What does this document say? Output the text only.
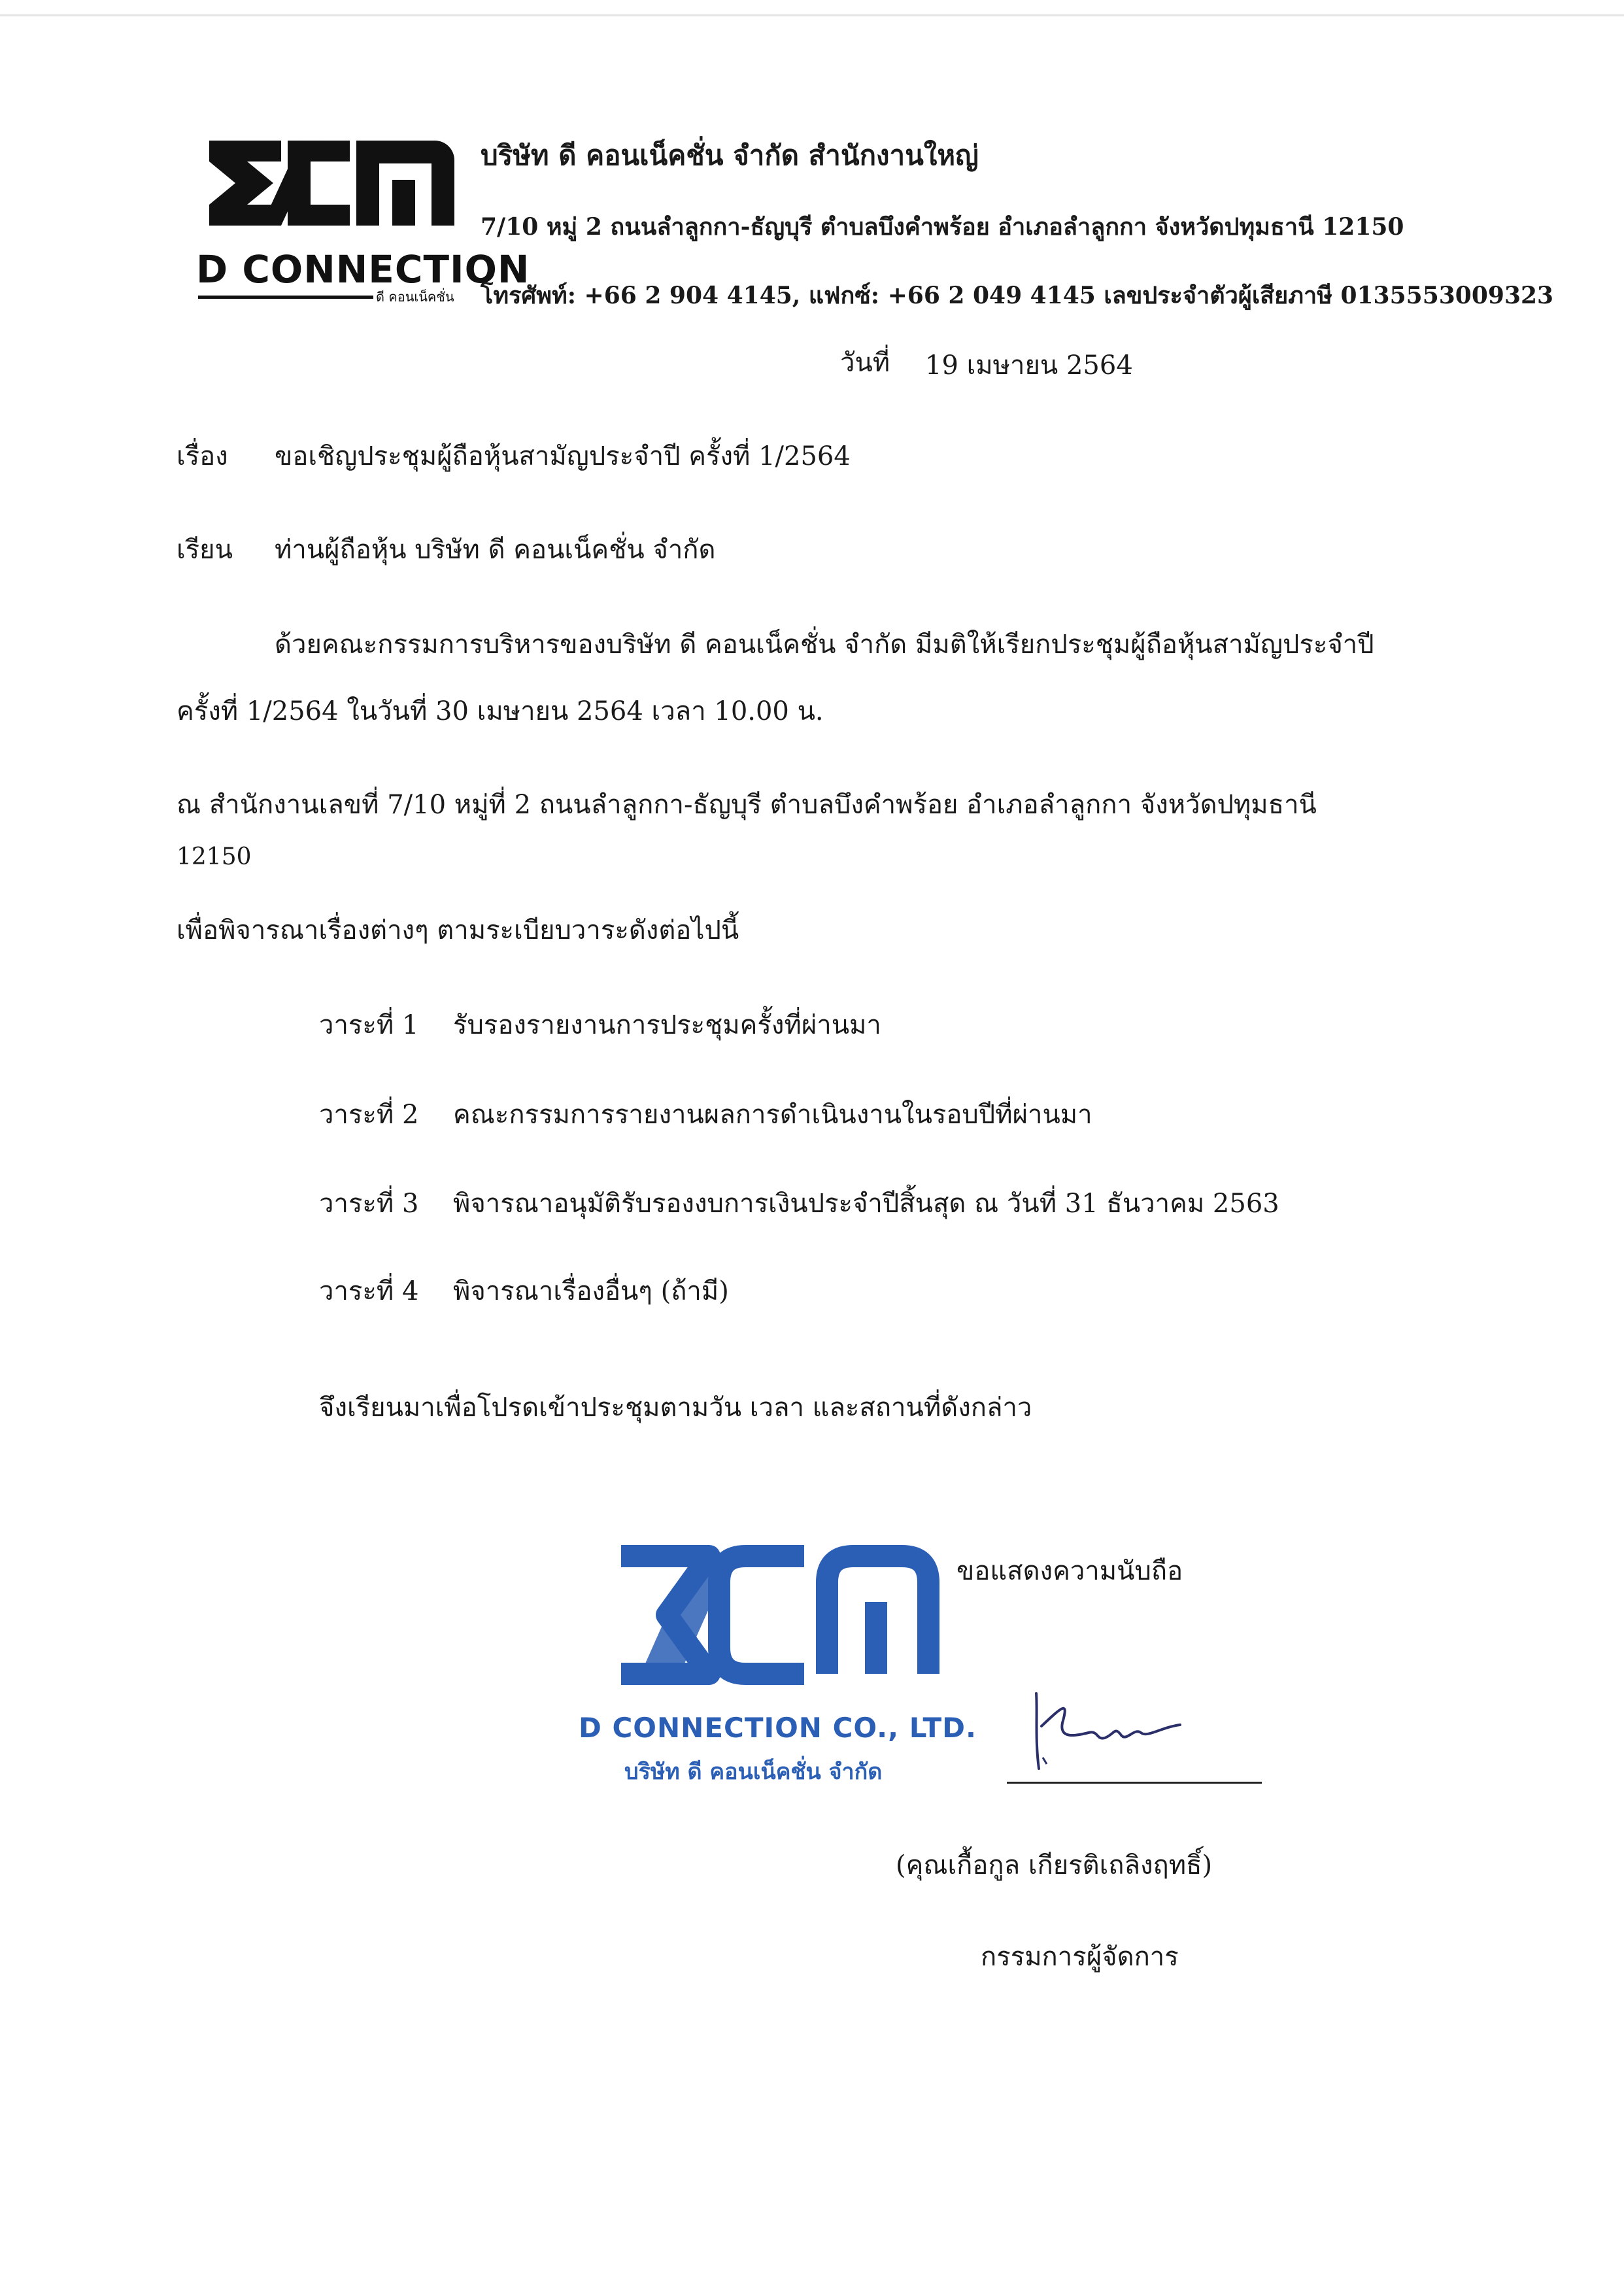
D CONNECTION
ดี คอนเน็คชั่น
บริษัท ดี คอนเน็คชั่น จำกัด สำนักงานใหญ่
7/10 หมู่ 2 ถนนลำลูกกา-ธัญบุรี ตำบลบึงคำพร้อย อำเภอลำลูกกา จังหวัดปทุมธานี 12150
โทรศัพท์: +66 2 904 4145, แฟกซ์: +66 2 049 4145 เลขประจำตัวผู้เสียภาษี 0135553009323
วันที่ 19 เมษายน 2564
เรื่อง ขอเชิญประชุมผู้ถือหุ้นสามัญประจำปี ครั้งที่ 1/2564
เรียน ท่านผู้ถือหุ้น บริษัท ดี คอนเน็คชั่น จำกัด
ด้วยคณะกรรมการบริหารของบริษัท ดี คอนเน็คชั่น จำกัด มีมติให้เรียกประชุมผู้ถือหุ้นสามัญประจำปี
ครั้งที่ 1/2564 ในวันที่ 30 เมษายน 2564 เวลา 10.00 น.
ณ สำนักงานเลขที่ 7/10 หมู่ที่ 2 ถนนลำลูกกา-ธัญบุรี ตำบลบึงคำพร้อย อำเภอลำลูกกา จังหวัดปทุมธานี
12150
เพื่อพิจารณาเรื่องต่างๆ ตามระเบียบวาระดังต่อไปนี้
วาระที่ 1 รับรองรายงานการประชุมครั้งที่ผ่านมา
วาระที่ 2 คณะกรรมการรายงานผลการดำเนินงานในรอบปีที่ผ่านมา
วาระที่ 3 พิจารณาอนุมัติรับรองงบการเงินประจำปีสิ้นสุด ณ วันที่ 31 ธันวาคม 2563
วาระที่ 4 พิจารณาเรื่องอื่นๆ (ถ้ามี)
จึงเรียนมาเพื่อโปรดเข้าประชุมตามวัน เวลา และสถานที่ดังกล่าว
ขอแสดงความนับถือ
D CONNECTION CO., LTD.
บริษัท ดี คอนเน็คชั่น จำกัด
(คุณเกื้อกูล เกียรติเถลิงฤทธิ์)
กรรมการผู้จัดการ
